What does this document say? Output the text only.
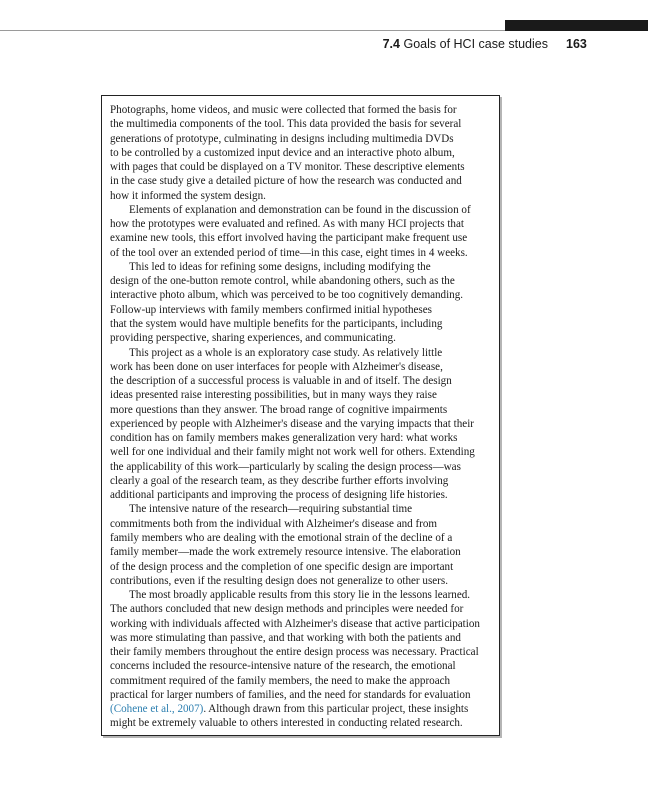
7.4 Goals of HCI case studies 163

Photographs, home videos, and music were collected that formed the basis for
the multimedia components of the tool. This data provided the basis for several
generations of prototype, culminating in designs including multimedia DVDs
to be controlled by a customized input device and an interactive photo album,
with pages that could be displayed on a TV monitor. These descriptive elements
in the case study give a detailed picture of how the research was conducted and
how it informed the system design.

Elements of explanation and demonstration can be found in the discussion of
how the prototypes were evaluated and refined. As with many HCI projects that
examine new tools, this effort involved having the participant make frequent use
of the tool over an extended period of time—in this case, eight times in 4 weeks.

This led to ideas for refining some designs, including modifying the
design of the one-button remote control, while abandoning others, such as the
interactive photo album, which was perceived to be too cognitively demanding.
Follow-up interviews with family members confirmed initial hypotheses
that the system would have multiple benefits for the participants, including
providing perspective, sharing experiences, and communicating.

This project as a whole is an exploratory case study. As relatively little
work has been done on user interfaces for people with Alzheimer's disease,
the description of a successful process is valuable in and of itself. The design
ideas presented raise interesting possibilities, but in many ways they raise
more questions than they answer. The broad range of cognitive impairments
experienced by people with Alzheimer's disease and the varying impacts that their
condition has on family members makes generalization very hard: what works
well for one individual and their family might not work well for others. Extending
the applicability of this work—particularly by scaling the design process—was
clearly a goal of the research team, as they describe further efforts involving
additional participants and improving the process of designing life histories.

The intensive nature of the research—requiring substantial time
commitments both from the individual with Alzheimer's disease and from
family members who are dealing with the emotional strain of the decline of a
family member—made the work extremely resource intensive. The elaboration
of the design process and the completion of one specific design are important
contributions, even if the resulting design does not generalize to other users.

The most broadly applicable results from this story lie in the lessons learned.
The authors concluded that new design methods and principles were needed for
working with individuals affected with Alzheimer's disease that active participation
was more stimulating than passive, and that working with both the patients and
their family members throughout the entire design process was necessary. Practical
concerns included the resource-intensive nature of the research, the emotional
commitment required of the family members, the need to make the approach
practical for larger numbers of families, and the need for standards for evaluation
(Cohene et al., 2007). Although drawn from this particular project, these insights
might be extremely valuable to others interested in conducting related research.
